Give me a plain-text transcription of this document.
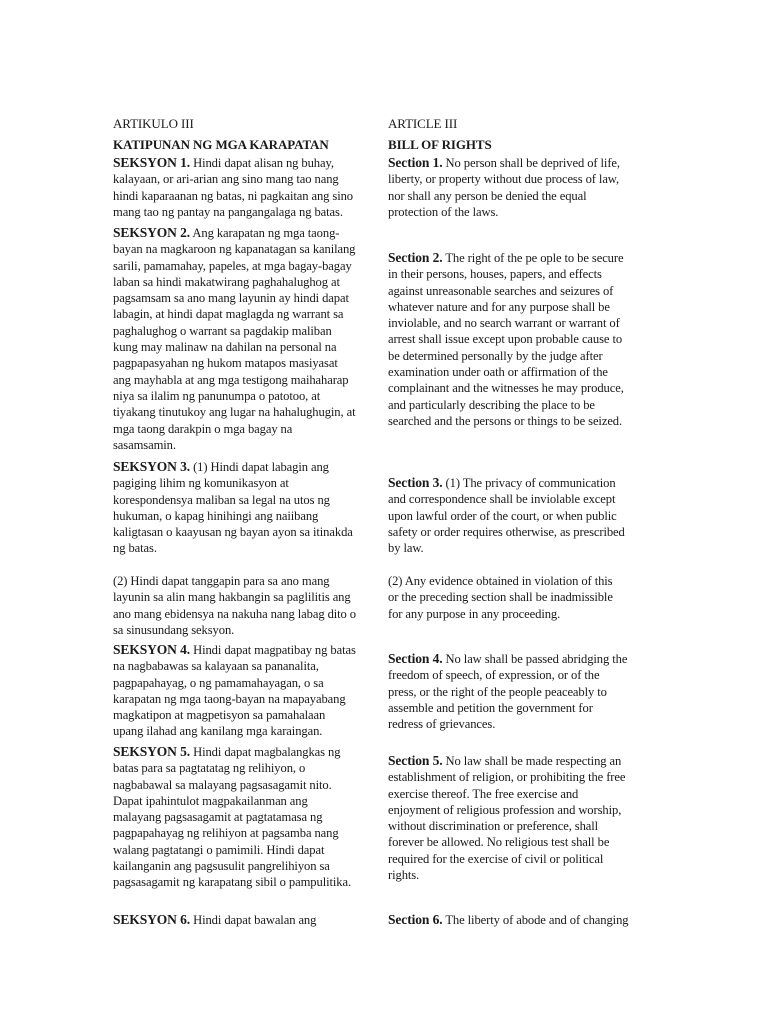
ARTIKULO III
KATIPUNAN NG MGA KARAPATAN
SEKSYON 1. Hindi dapat alisan ng buhay,
kalayaan, or ari-arian ang sino mang tao nang
hindi kaparaanan ng batas, ni pagkaitan ang sino
mang tao ng pantay na pangangalaga ng batas.
SEKSYON 2. Ang karapatan ng mga taong-
bayan na magkaroon ng kapanatagan sa kanilang
sarili, pamamahay, papeles, at mga bagay-bagay
laban sa hindi makatwirang paghahalughog at
pagsamsam sa ano mang layunin ay hindi dapat
labagin, at hindi dapat maglagda ng warrant sa
paghalughog o warrant sa pagdakip maliban
kung may malinaw na dahilan na personal na
pagpapasyahan ng hukom matapos masiyasat
ang mayhabla at ang mga testigong maihaharap
niya sa ilalim ng panunumpa o patotoo, at
tiyakang tinutukoy ang lugar na hahalughugin, at
mga taong darakpin o mga bagay na
sasamsamin.
SEKSYON 3. (1) Hindi dapat labagin ang
pagiging lihim ng komunikasyon at
korespondensya maliban sa legal na utos ng
hukuman, o kapag hinihingi ang naiibang
kaligtasan o kaayusan ng bayan ayon sa itinakda
ng batas.
(2) Hindi dapat tanggapin para sa ano mang
layunin sa alin mang hakbangin sa paglilitis ang
ano mang ebidensya na nakuha nang labag dito o
sa sinusundang seksyon.
SEKSYON 4. Hindi dapat magpatibay ng batas
na nagbabawas sa kalayaan sa pananalita,
pagpapahayag, o ng pamamahayagan, o sa
karapatan ng mga taong-bayan na mapayabang
magkatipon at magpetisyon sa pamahalaan
upang ilahad ang kanilang mga karaingan.
SEKSYON 5. Hindi dapat magbalangkas ng
batas para sa pagtatatag ng relihiyon, o
nagbabawal sa malayang pagsasagamit nito.
Dapat ipahintulot magpakailanman ang
malayang pagsasagamit at pagtatamasa ng
pagpapahayag ng relihiyon at pagsamba nang
walang pagtatangi o pamimili. Hindi dapat
kailanganin ang pagsusulit pangrelihiyon sa
pagsasagamit ng karapatang sibil o pampulitika.
SEKSYON 6. Hindi dapat bawalan ang
ARTICLE III
BILL OF RIGHTS
Section 1. No person shall be deprived of life,
liberty, or property without due process of law,
nor shall any person be denied the equal
protection of the laws.
Section 2. The right of the pe ople to be secure
in their persons, houses, papers, and effects
against unreasonable searches and seizures of
whatever nature and for any purpose shall be
inviolable, and no search warrant or warrant of
arrest shall issue except upon probable cause to
be determined personally by the judge after
examination under oath or affirmation of the
complainant and the witnesses he may produce,
and particularly describing the place to be
searched and the persons or things to be seized.
Section 3. (1) The privacy of communication
and correspondence shall be inviolable except
upon lawful order of the court, or when public
safety or order requires otherwise, as prescribed
by law.
(2) Any evidence obtained in violation of this
or the preceding section shall be inadmissible
for any purpose in any proceeding.
Section 4. No law shall be passed abridging the
freedom of speech, of expression, or of the
press, or the right of the people peaceably to
assemble and petition the government for
redress of grievances.
Section 5. No law shall be made respecting an
establishment of religion, or prohibiting the free
exercise thereof. The free exercise and
enjoyment of religious profession and worship,
without discrimination or preference, shall
forever be allowed. No religious test shall be
required for the exercise of civil or political
rights.
Section 6. The liberty of abode and of changing
